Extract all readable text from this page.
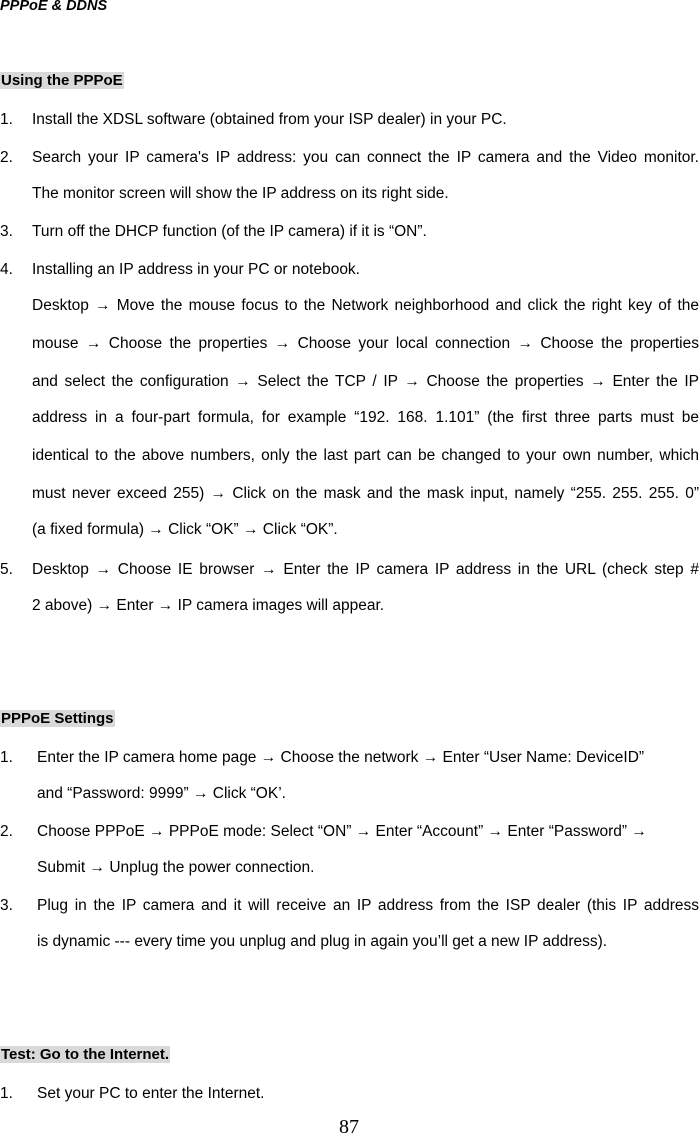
PPPoE & DDNS
Using the PPPoE
1. Install the XDSL software (obtained from your ISP dealer) in your PC.
2. Search your IP camera's IP address: you can connect the IP camera and the Video monitor.
The monitor screen will show the IP address on its right side.
3. Turn off the DHCP function (of the IP camera) if it is “ON”.
4. Installing an IP address in your PC or notebook.
Desktop → Move the mouse focus to the Network neighborhood and click the right key of the
mouse → Choose the properties → Choose your local connection → Choose the properties
and select the configuration → Select the TCP / IP → Choose the properties → Enter the IP
address in a four-part formula, for example “192. 168. 1.101” (the first three parts must be
identical to the above numbers, only the last part can be changed to your own number, which
must never exceed 255) → Click on the mask and the mask input, namely “255. 255. 255. 0”
(a fixed formula) → Click “OK” → Click “OK”.
5. Desktop → Choose IE browser → Enter the IP camera IP address in the URL (check step #
2 above) → Enter → IP camera images will appear.
PPPoE Settings
1. Enter the IP camera home page → Choose the network → Enter “User Name: DeviceID”
and “Password: 9999” → Click “OK’.
2. Choose PPPoE → PPPoE mode: Select “ON” → Enter “Account” → Enter “Password” →
Submit → Unplug the power connection.
3. Plug in the IP camera and it will receive an IP address from the ISP dealer (this IP address
is dynamic --- every time you unplug and plug in again you’ll get a new IP address).
Test: Go to the Internet.
1. Set your PC to enter the Internet.
87
